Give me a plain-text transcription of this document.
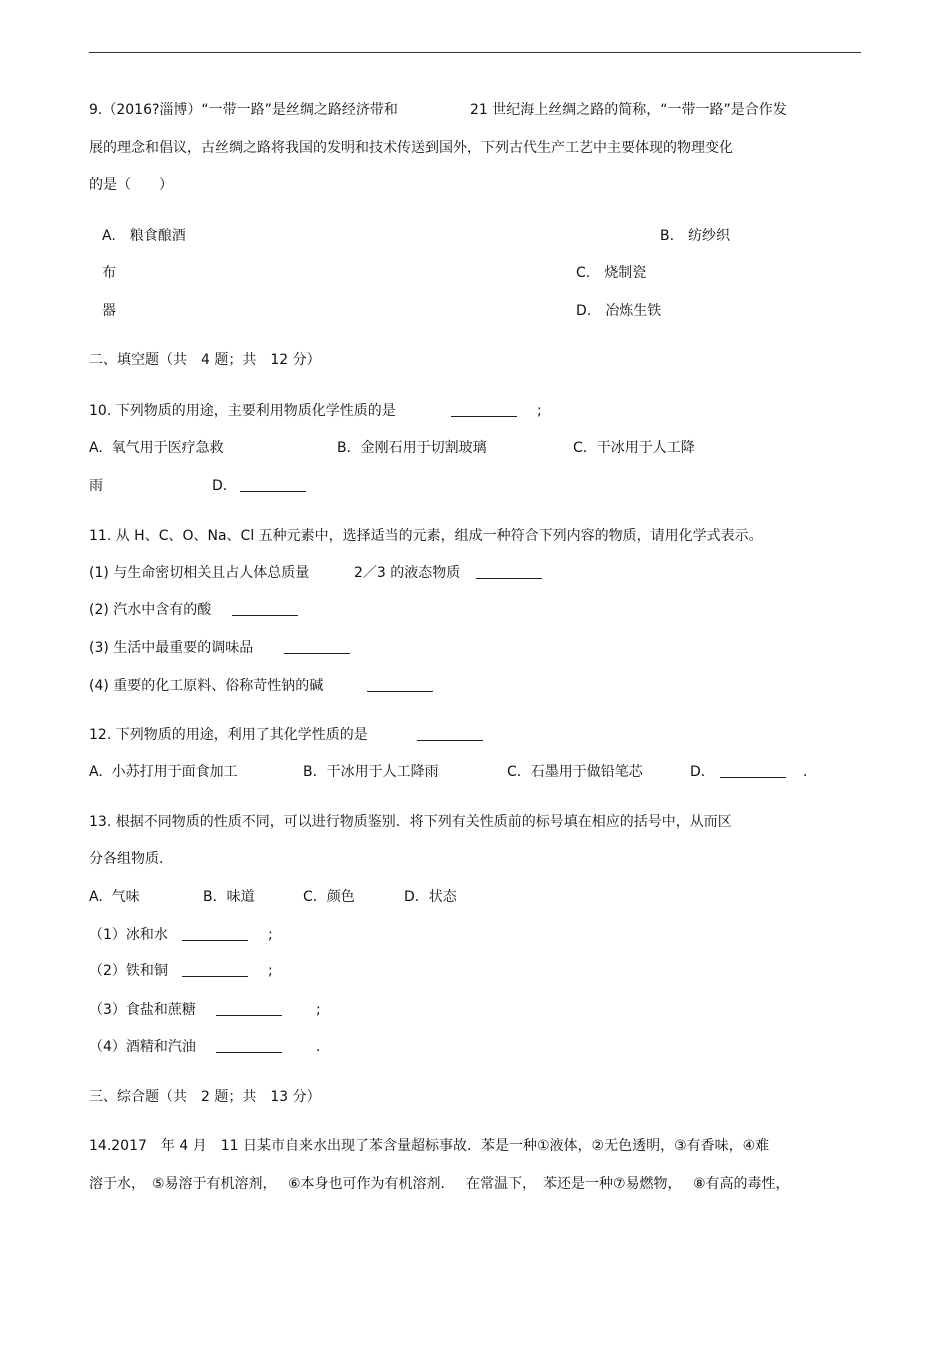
9.（2016?淄博）“一带一路”是丝绸之路经济带和	21 世纪海上丝绸之路的简称，“一带一路”是合作发
展的理念和倡议，古丝绸之路将我国的发明和技术传送到国外，下列古代生产工艺中主要体现的物理变化
的是（　　）
A.　粮食酿酒	B.　纺纱织
布	C.　烧制瓷
器	D.　冶炼生铁
二、填空题（共　4 题；共　12 分）
10. 下列物质的用途，主要利用物质化学性质的是	;
A.  氧气用于医疗急救	B．金刚石用于切割玻璃	C．干冰用于人工降
雨	D．
11. 从 H、C、O、Na、Cl 五种元素中，选择适当的元素，组成一种符合下列内容的物质，请用化学式表示。
(1) 与生命密切相关且占人体总质量	2／3 的液态物质
(2) 汽水中含有的酸
(3) 生活中最重要的调味品
(4) 重要的化工原料、俗称苛性钠的碱
12. 下列物质的用途，利用了其化学性质的是
A.  小苏打用于面食加工	B．干冰用于人工降雨	C．石墨用于做铅笔芯	D．	.
13. 根据不同物质的性质不同，可以进行物质鉴别．将下列有关性质前的标号填在相应的括号中，从而区
分各组物质.
A.  气味	B．味道	C．颜色	D．状态
（1）冰和水	;
（2）铁和铜	;
（3）食盐和蔗糖	;
（4）酒精和汽油	.
三、综合题（共　2 题；共　13 分）
14.2017　年 4 月　11 日某市自来水出现了苯含量超标事故．苯是一种①液体，②无色透明，③有香味，④难
溶于水，　⑤易溶于有机溶剂，　 ⑥本身也可作为有机溶剂．　 在常温下，　苯还是一种⑦易燃物，　 ⑧有高的毒性，
